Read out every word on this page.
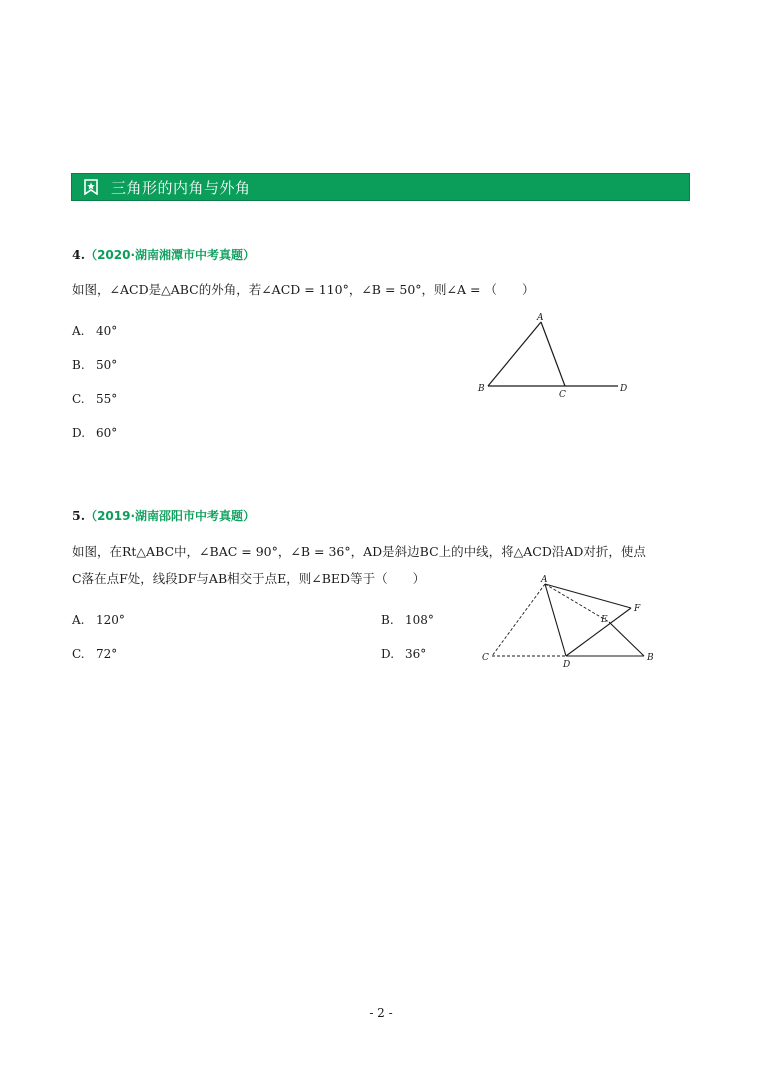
三角形的内角与外角
4.（2020·湖南湘潭市中考真题）
如图，∠ACD是△ABC的外角，若∠ACD = 110°，∠B = 50°，则∠A = （　　）
A. 40°
B. 50°
C. 55°
D. 60°
A
B
C
D
5.（2019·湖南邵阳市中考真题）
如图，在Rt△ABC中，∠BAC = 90°，∠B = 36°，AD是斜边BC上的中线，将△ACD沿AD对折，使点
C落在点F处，线段DF与AB相交于点E，则∠BED等于（　　）
A. 120°	B. 108°
C. 72°	D. 36°
A
B
C
D
E
F
- 2 -
